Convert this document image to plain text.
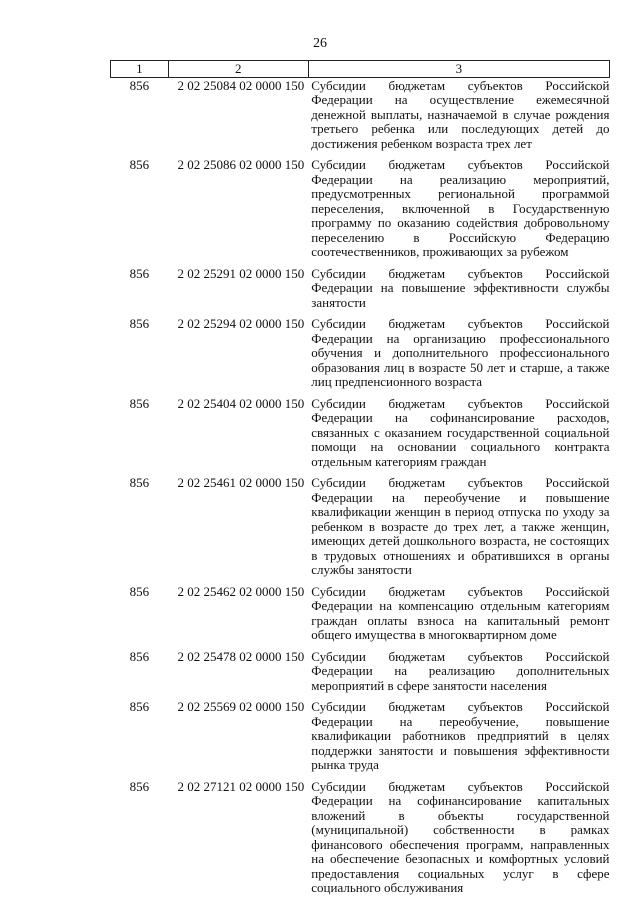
26
1	2	3
856	2 02 25084 02 0000 150	Субсидии бюджетам субъектов Российской Федерации на осуществление ежемесячной денежной выплаты, назначаемой в случае рождения третьего ребенка или последующих детей до достижения ребенком возраста трех лет
856	2 02 25086 02 0000 150	Субсидии бюджетам субъектов Российской Федерации на реализацию мероприятий, предусмотренных региональной программой переселения, включенной в Государственную программу по оказанию содействия добровольному переселению в Российскую Федерацию соотечественников, проживающих за рубежом
856	2 02 25291 02 0000 150	Субсидии бюджетам субъектов Российской Федерации на повышение эффективности службы занятости
856	2 02 25294 02 0000 150	Субсидии бюджетам субъектов Российской Федерации на организацию профессионального обучения и дополнительного профессионального образования лиц в возрасте 50 лет и старше, а также лиц предпенсионного возраста
856	2 02 25404 02 0000 150	Субсидии бюджетам субъектов Российской Федерации на софинансирование расходов, связанных с оказанием государственной социальной помощи на основании социального контракта отдельным категориям граждан
856	2 02 25461 02 0000 150	Субсидии бюджетам субъектов Российской Федерации на переобучение и повышение квалификации женщин в период отпуска по уходу за ребенком в возрасте до трех лет, а также женщин, имеющих детей дошкольного возраста, не состоящих в трудовых отношениях и обратившихся в органы службы занятости
856	2 02 25462 02 0000 150	Субсидии бюджетам субъектов Российской Федерации на компенсацию отдельным категориям граждан оплаты взноса на капитальный ремонт общего имущества в многоквартирном доме
856	2 02 25478 02 0000 150	Субсидии бюджетам субъектов Российской Федерации на реализацию дополнительных мероприятий в сфере занятости населения
856	2 02 25569 02 0000 150	Субсидии бюджетам субъектов Российской Федерации на переобучение, повышение квалификации работников предприятий в целях поддержки занятости и повышения эффективности рынка труда
856	2 02 27121 02 0000 150	Субсидии бюджетам субъектов Российской Федерации на софинансирование капитальных вложений в объекты государственной (муниципальной) собственности в рамках финансового обеспечения программ, направленных на обеспечение безопасных и комфортных условий предоставления социальных услуг в сфере социального обслуживания
